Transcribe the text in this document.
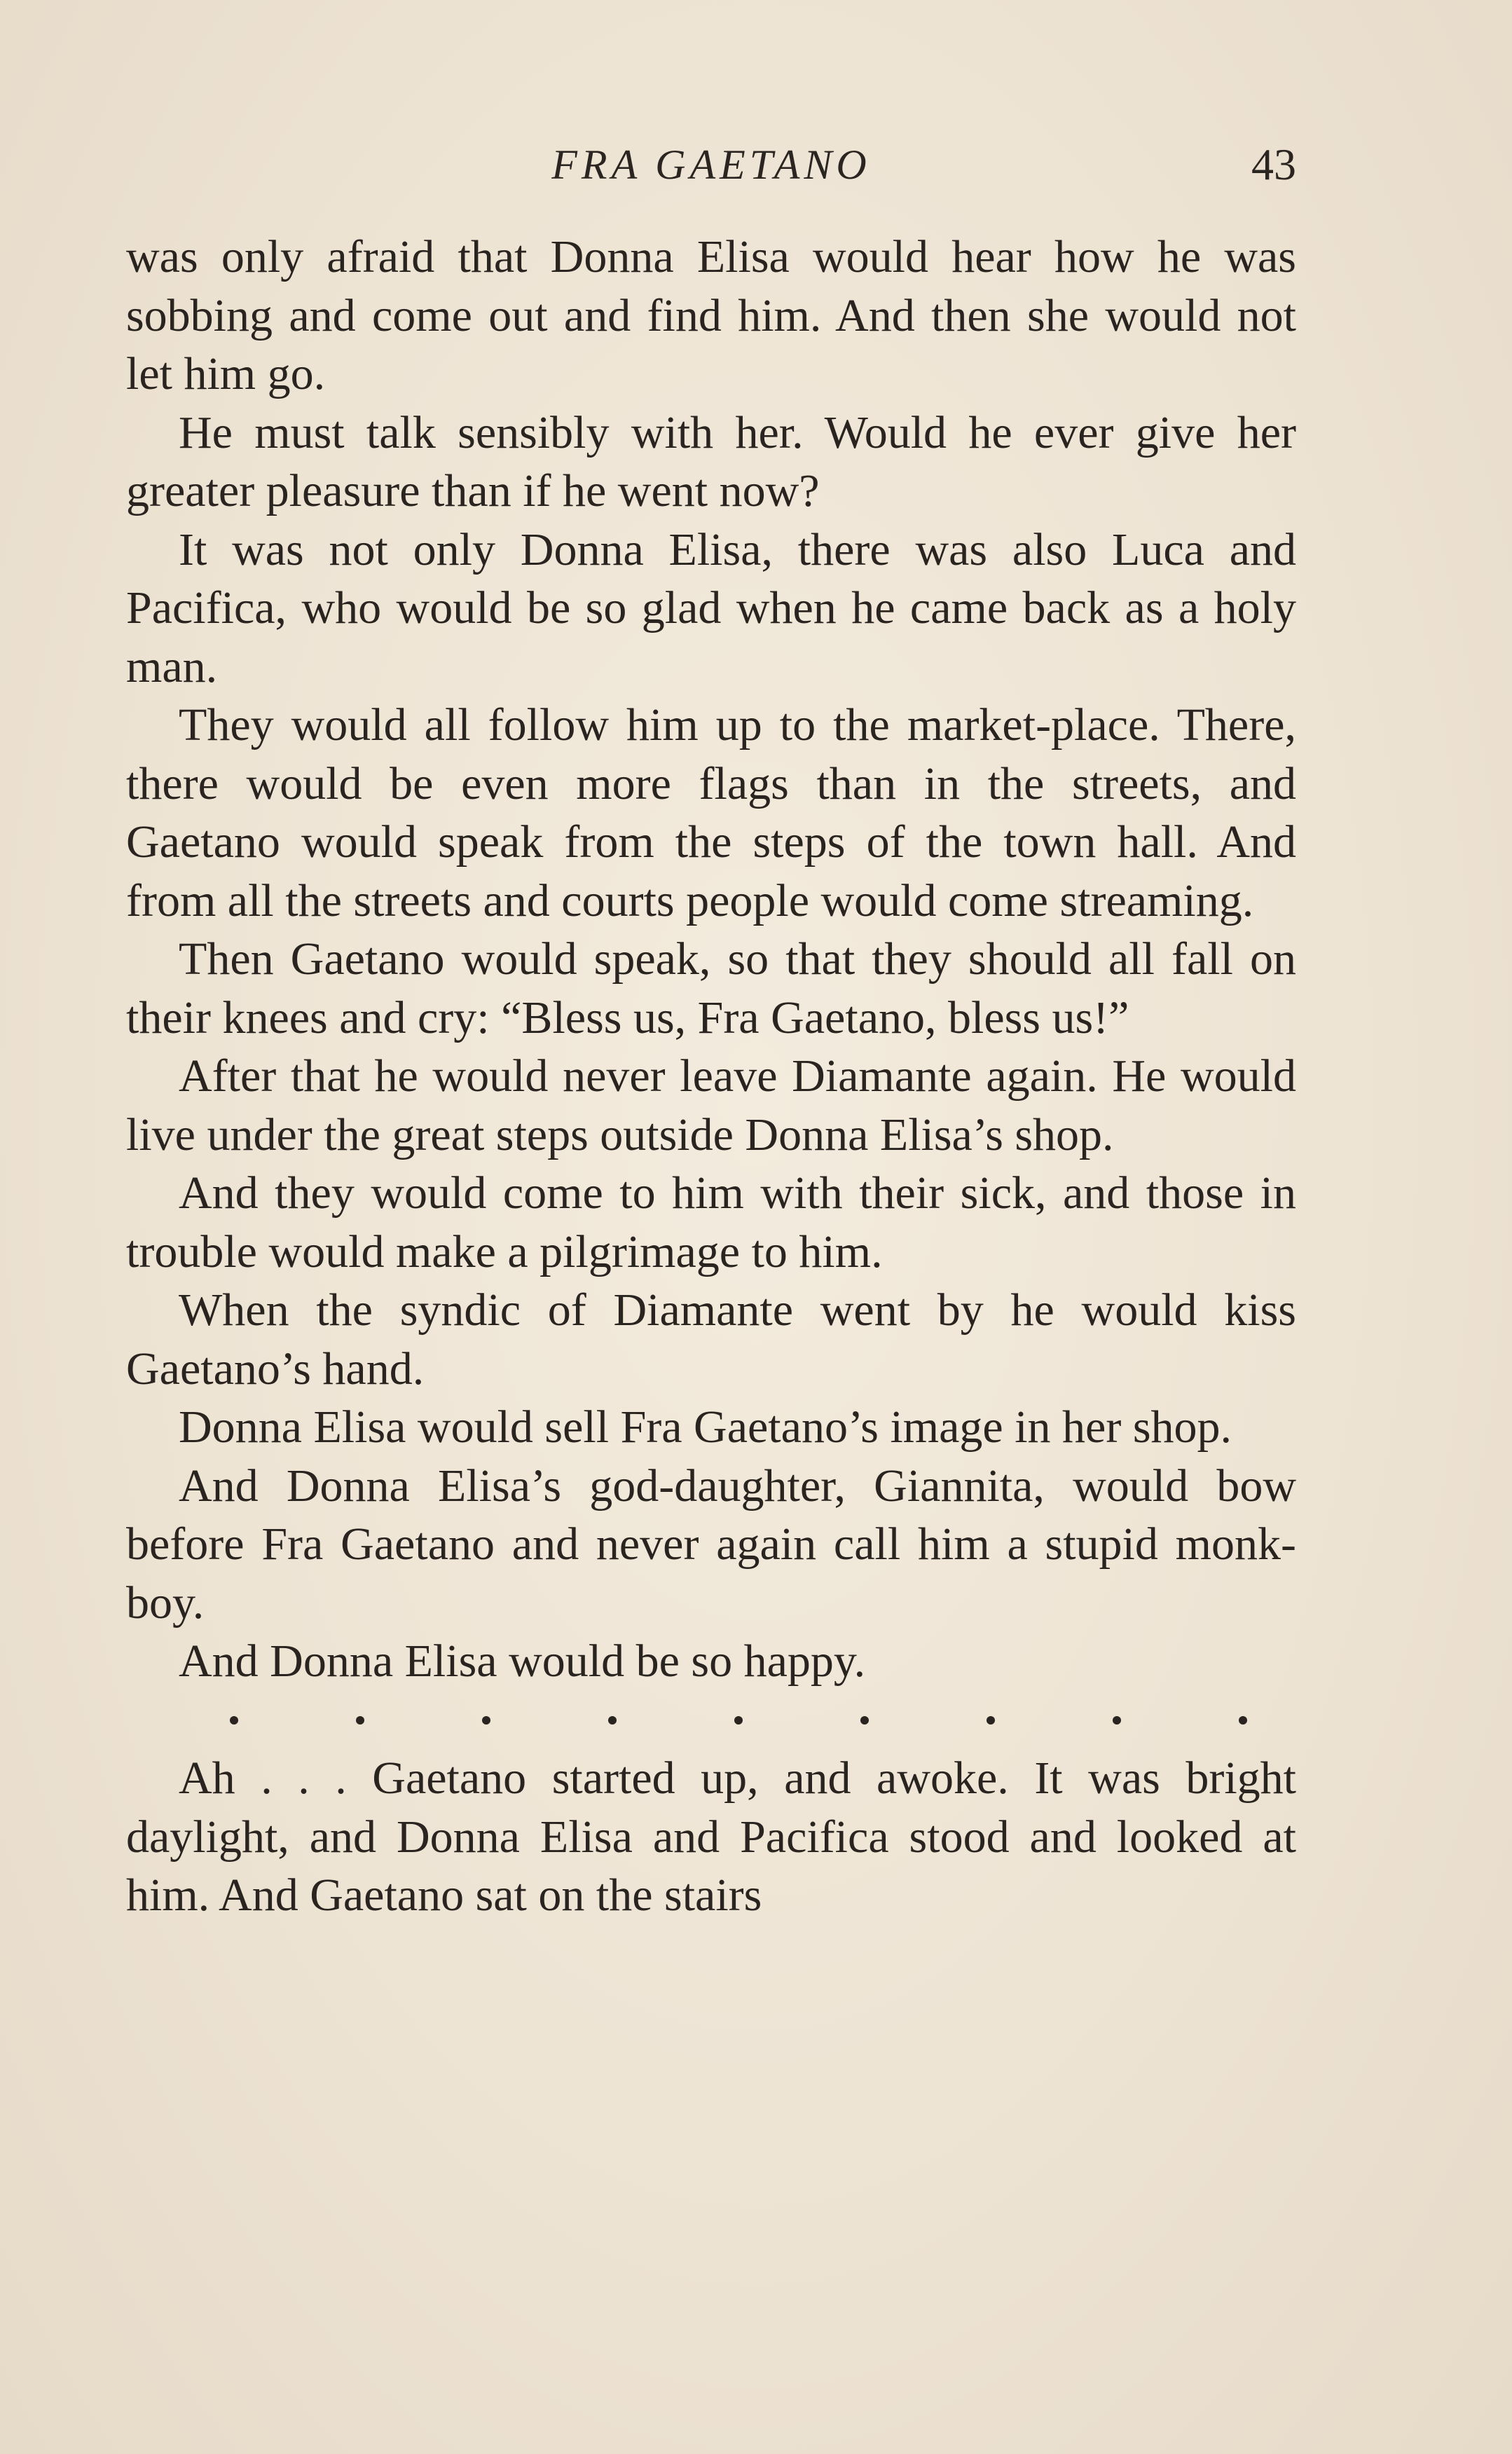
FRA GAETANO	43

was only afraid that Donna Elisa would hear how he was sobbing and come out and find him. And then she would not let him go.

He must talk sensibly with her. Would he ever give her greater pleasure than if he went now?

It was not only Donna Elisa, there was also Luca and Pacifica, who would be so glad when he came back as a holy man.

They would all follow him up to the market-place. There, there would be even more flags than in the streets, and Gaetano would speak from the steps of the town hall. And from all the streets and courts people would come streaming.

Then Gaetano would speak, so that they should all fall on their knees and cry: “Bless us, Fra Gaetano, bless us!”

After that he would never leave Diamante again. He would live under the great steps outside Donna Elisa’s shop.

And they would come to him with their sick, and those in trouble would make a pilgrimage to him.

When the syndic of Diamante went by he would kiss Gaetano’s hand.

Donna Elisa would sell Fra Gaetano’s image in her shop.

And Donna Elisa’s god-daughter, Giannita, would bow before Fra Gaetano and never again call him a stupid monk-boy.

And Donna Elisa would be so happy.

Ah . . . Gaetano started up, and awoke. It was bright daylight, and Donna Elisa and Pacifica stood and looked at him. And Gaetano sat on the stairs
